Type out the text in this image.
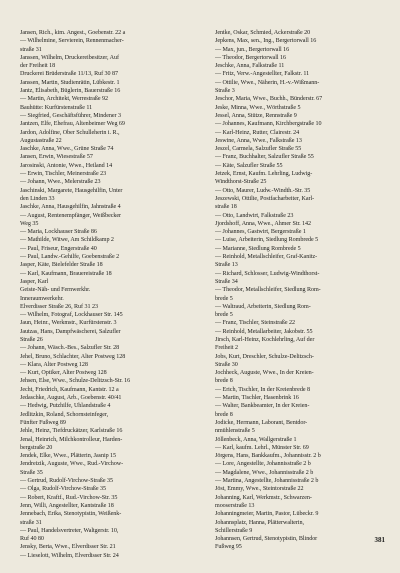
Jansen, Rich., kim. Angest., Goebenstr. 22 a
— Wilhelmine, Servierein, Rennenmacher-
straße 31
Janssen, Wilhelm, Druckereibesitzer, Auf
der Freiheit 18
Druckerei Brüderstraße 11/13, Ruf 30 87
Janssen, Martin, Studienrätin, Lübkestr. 1
Jantz, Elisabeth, Büglerin, Bauerstraße 16
— Martin, Architekt, Werrestraße 92
Bauhütte: Kurfürstenstraße 11
— Siegfried, Geschäftsführer, Mindener 3
Jantzen, Elfe, Ehefrau, Altenbeimer Weg 69
Jardon, Adolfine, Ober Schulleherin i. R.,
Augustastraße 22
Jaschke, Anna, Wwe., Grüne Straße 74
Jansen, Erwin, Wiesestraße 57
Jarosinski, Antonie, Wwe., Heiland 14
— Erwin, Tischler, Meinerstraße 23
— Johann, Wwe., Melerstraße 23
Jaschinski, Margarete, Hausgehilfin, Unter
den Linden 33
Jaschke, Anna, Hausgehilfin, Jahnstraße 4
— August, Rentenempfänger, Weißbecker
Weg 35
— Maria, Lockhauser Straße 86
— Mathilde, Witwe, Am Schildkamp 2
— Paul, Friseur, Engerstraße 40
— Paul, Landw.-Gehilfe, Goebenstraße 2
Jasper, Käte, Bielefelder Straße 18
— Karl, Kaufmann, Brauereistraße 18
Jasper, Karl
Geiste-Näh- und Fernwerkhr.
Inneraumwerkehr.
Elverdisser Straße 26, Ruf 31 23
— Wilhelm, Fotograf, Lockhauser Str. 145
Jaun, Heinr., Werkmstr., Kurfürstenstr. 3
Jautzas, Hans, Dampfwäscherei, Salzufler
Straße 26
— Johann, Wäsch.-Bes., Salzufler Str. 28
Jehel, Bruno, Schlachter, Alter Postweg 128
— Klara, Alter Postweg 128
— Kurt, Optiker, Alter Postweg 128
Jehsen, Else, Wwe., Schulze-Delitzsch-Str. 16
Jecht, Friedrich, Kaufmann, Kantstr. 12 a
Jedaschke, August, Arb., Goebenstr. 40/41
— Hedwig, Putzhilfe, Uhlandstraße 4
Jedlitzkin, Roland, Schornsteinfeger,
Fünfter Fußweg 89
Jehle, Heinz, Tiefdruckätzer, Karlstraße 16
Jenal, Heinrich, Milchkontrolleur, Harden-
bergstraße 20
Jendek, Elke, Wwe., Plätterin, Jasnip 15
Jendreizik, Auguste, Wwe., Rud.-Virchow-
Straße 35
— Gertrud, Rudolf-Virchow-Straße 35
— Olga, Rudolf-Virchow-Straße 35
— Robert, Kraftf., Rud.-Virchow-Str. 35
Jenn, Willi, Angestellter, Kantstraße 18
Jennebach, Erika, Stenotypistin, Weißenk-
straße 31
— Paul, Handelsvertreter, Waltgerstr. 10,
Ruf 40 80
Jensky, Berta, Wwe., Elverdisser Str. 21
— Lieselott, Wilhelm, Elverdisser Str. 24
Jentke, Oskar, Schmied, Ackerstraße 20
Jepkens, Max, sen., Ing., Bergertorwall 16
— Max, jun., Bergertorwall 16
— Theodor, Bergertorwall 16
Jeschke, Anna, Falkstraße 11
— Fritz, Verw.-Angestellter, Falkstr. 11
— Ottilie, Wwe., Näherin, H.-v.-Wißmann-
Straße 3
Jeschor, Maria, Wwe., Buchh., Bünderstr. 67
Jeske, Minna, Wwe., Wörthstraße 5
Jessel, Anna, Stütze, Rennstraße 9
— Johannes, Kaufmann, Kirchbergstraße 10
— Karl-Heinz, Rutter, Clairestr. 24
Jeswine, Anna, Wwe., Falkstraße 13
Jeszel, Carmela, Salzufler Straße 55
— Franz, Buchhalter, Salzufler Straße 55
— Käte, Salzufler Straße 55
Jetzek, Ernst, Kaufm. Lehrling, Ludwig-
Windthorst-Straße 25
— Otto, Maurer, Ludw.-Windth.-Str. 35
Jeszewski, Ottilie, Postfacharbeiter, Karl-
straße 18
— Otto, Landwirt, Falkstraße 23
Jjordshoff, Anna, Wwe., Ahmer Str. 142
— Johannes, Gastwirt, Bergerstraße 1
— Luise, Arbeiterin, Siedlung Rombrede 5
— Marianne, Siedlung Rombrede 5
— Reinhold, Metallschleifer, Graf-Kanitz-
Straße 13
— Richard, Schlosser, Ludwig-Windthorst-
Straße 34
— Theodor, Metallschleifer, Siedlung Rom-
brede 5
— Waltraud, Arbeiterin, Siedlung Rom-
brede 5
— Franz, Tischler, Steinstraße 22
— Reinhold, Metallarbeiter, Jakobstr. 55
Jirsch, Karl-Heinz, Kochlehrling, Auf der
Freiheit 2
Jobs, Kurt, Dreschler, Schulze-Delitzsch-
Straße 30
Jochheck, Auguste, Wwe., In der Kreien-
brede 8
— Erich, Tischler, In der Kreienbrede 8
— Martin, Tischler, Hasenbrink 16
— Walter, Bankbeamter, In der Kreien-
brede 8
Jodicke, Hermann, Laborant, Bentdor-
nmühlenstraße 5
Jöllenbeck, Anna, Wallgerstraße 1
— Karl, kaufm. Lehrl., Münster Str. 69
Jörgens, Hans, Bankkaufm., Johannisstr. 2 b
— Lore, Angestellte, Johannisstraße 2 b
— Magdalene, Wwe., Johannisstraße 2 b
— Martina, Angestellte, Johannisstraße 2 b
Jöst, Emmy, Wwe., Steintorstraße 22
Johanning, Karl, Werkmstr., Schwarzen-
mooserstraße 13
Johanningmeier, Martin, Pastor, Lübeckr. 9
Johannsplatz, Hanna, Plätterwalterin,
Schillerstraße 9
Johannsen, Gertrud, Stenotypistin, Blindor
Fußweg 95
381
